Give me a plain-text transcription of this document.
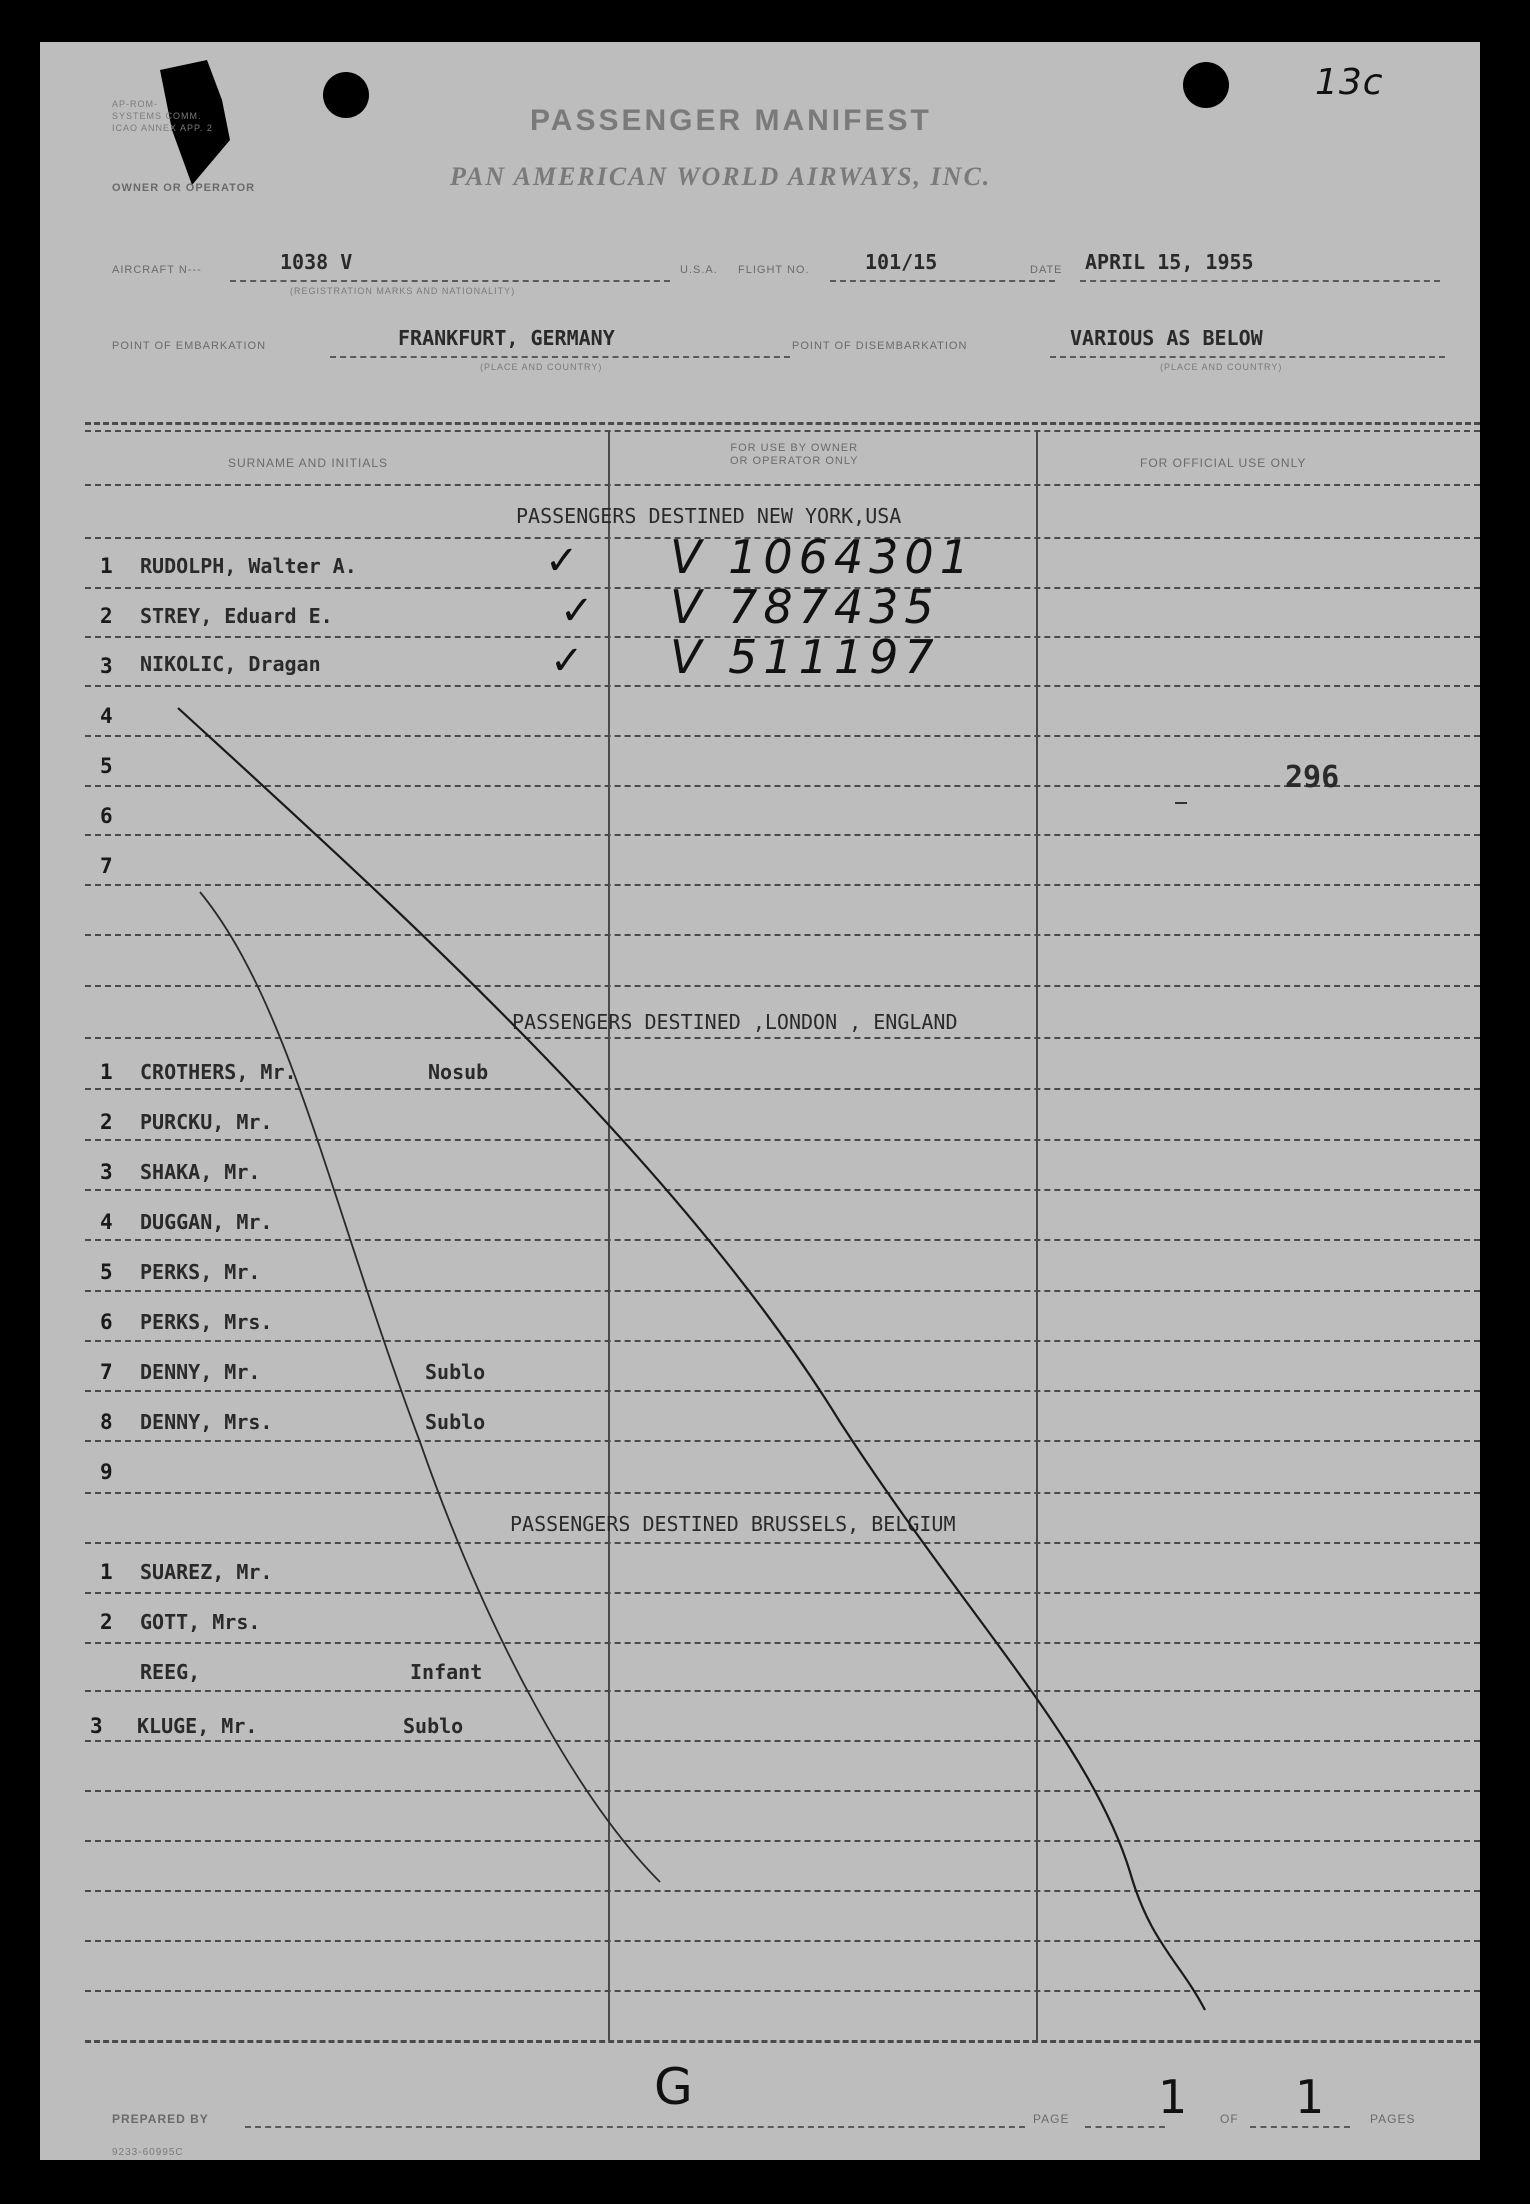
AP-ROM-
SYSTEMS COMM.
ICAO ANNEX APP. 2
OWNER OR OPERATOR
PASSENGER MANIFEST
PAN AMERICAN WORLD AIRWAYS, INC.
13c
AIRCRAFT N---	1038 V
(REGISTRATION MARKS AND NATIONALITY)
U.S.A. FLIGHT NO.	101/15	DATE APRIL 15, 1955
POINT OF EMBARKATION	FRANKFURT, GERMANY
(PLACE AND COUNTRY)
POINT OF DISEMBARKATION	VARIOUS AS BELOW
(PLACE AND COUNTRY)
SURNAME AND INITIALS
FOR USE BY OWNER
OR OPERATOR ONLY	FOR OFFICIAL USE ONLY
PASSENGERS DESTINED NEW YORK,USA
1 RUDOLPH, Walter A.	✓ V 1064301
2 STREY, Eduard E.	✓ V 787435
3 NIKOLIC, Dragan	✓ V 511197
4
5
6
7
296
PASSENGERS DESTINED ,LONDON , ENGLAND
1 CROTHERS, Mr.	Nosub
2 PURCKU, Mr.
3 SHAKA, Mr.
4 DUGGAN, Mr.
5 PERKS, Mr.
6 PERKS, Mrs.
7 DENNY, Mr.	Sublo
8 DENNY, Mrs.	Sublo
9
PASSENGERS DESTINED BRUSSELS, BELGIUM
1 SUAREZ, Mr.
2 GOTT, Mrs.
REEG,	Infant
3 KLUGE, Mr.	Sublo
PREPARED BY
G
PAGE 1 OF 1	PAGES
9233-60995C
